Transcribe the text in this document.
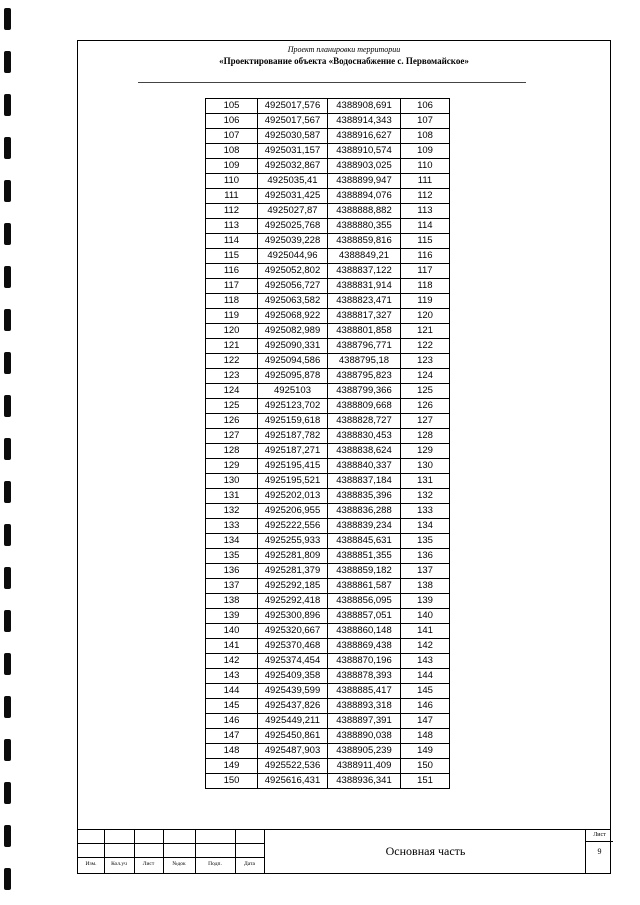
Проект планировки территории
«Проектирование объекта «Водоснабжение с. Первомайское»
105	4925017,576	4388908,691	106
106	4925017,567	4388914,343	107
107	4925030,587	4388916,627	108
108	4925031,157	4388910,574	109
109	4925032,867	4388903,025	110
110	4925035,41	4388899,947	111
111	4925031,425	4388894,076	112
112	4925027,87	4388888,882	113
113	4925025,768	4388880,355	114
114	4925039,228	4388859,816	115
115	4925044,96	4388849,21	116
116	4925052,802	4388837,122	117
117	4925056,727	4388831,914	118
118	4925063,582	4388823,471	119
119	4925068,922	4388817,327	120
120	4925082,989	4388801,858	121
121	4925090,331	4388796,771	122
122	4925094,586	4388795,18	123
123	4925095,878	4388795,823	124
124	4925103	4388799,366	125
125	4925123,702	4388809,668	126
126	4925159,618	4388828,727	127
127	4925187,782	4388830,453	128
128	4925187,271	4388838,624	129
129	4925195,415	4388840,337	130
130	4925195,521	4388837,184	131
131	4925202,013	4388835,396	132
132	4925206,955	4388836,288	133
133	4925222,556	4388839,234	134
134	4925255,933	4388845,631	135
135	4925281,809	4388851,355	136
136	4925281,379	4388859,182	137
137	4925292,185	4388861,587	138
138	4925292,418	4388856,095	139
139	4925300,896	4388857,051	140
140	4925320,667	4388860,148	141
141	4925370,468	4388869,438	142
142	4925374,454	4388870,196	143
143	4925409,358	4388878,393	144
144	4925439,599	4388885,417	145
145	4925437,826	4388893,318	146
146	4925449,211	4388897,391	147
147	4925450,861	4388890,038	148
148	4925487,903	4388905,239	149
149	4925522,536	4388911,409	150
150	4925616,431	4388936,341	151
Изм.	Кол.уч	Лист	№док	Подп.	Дата
Основная часть
Лист
9
